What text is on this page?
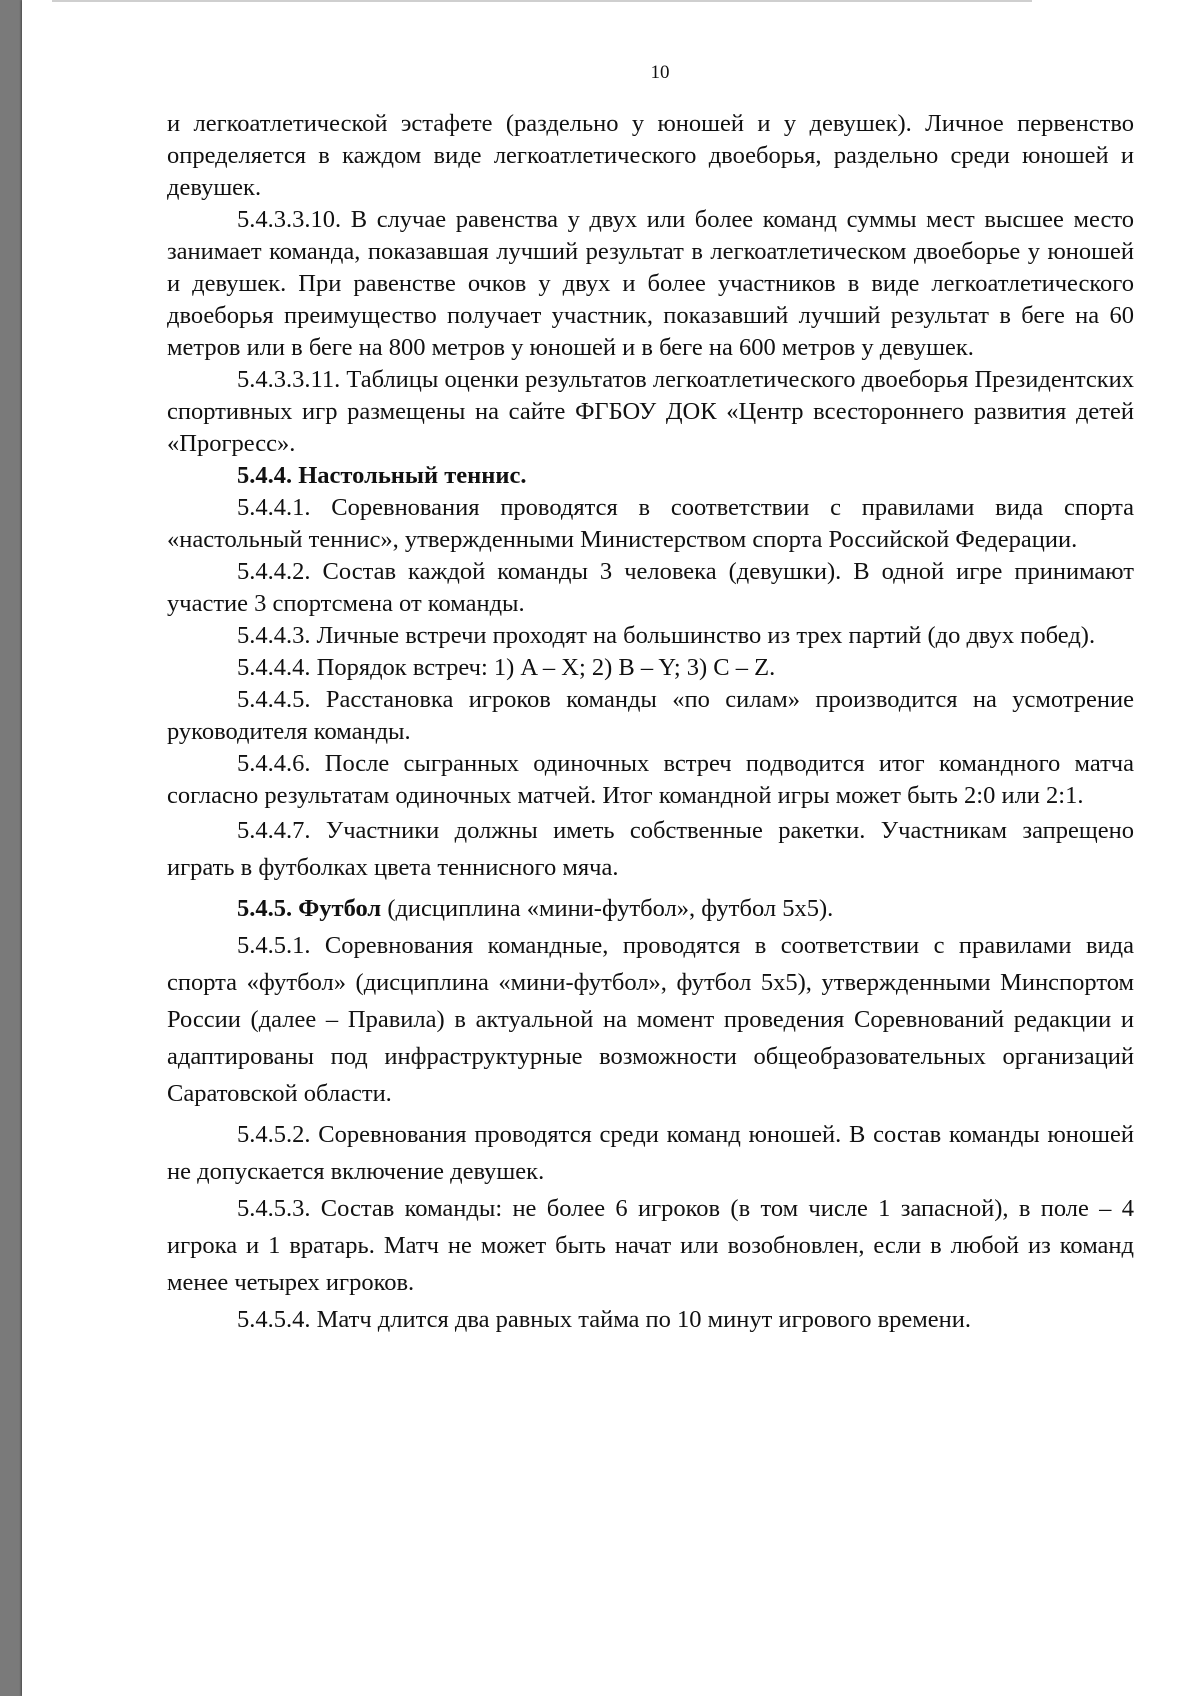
10

и легкоатлетической эстафете (раздельно у юношей и у девушек). Личное первенство определяется в каждом виде легкоатлетического двоеборья, раздельно среди юношей и девушек.

5.4.3.3.10. В случае равенства у двух или более команд суммы мест высшее место занимает команда, показавшая лучший результат в легкоатлетическом двоеборье у юношей и девушек. При равенстве очков у двух и более участников в виде легкоатлетического двоеборья преимущество получает участник, показавший лучший результат в беге на 60 метров или в беге на 800 метров у юношей и в беге на 600 метров у девушек.

5.4.3.3.11. Таблицы оценки результатов легкоатлетического двоеборья Президентских спортивных игр размещены на сайте ФГБОУ ДОК «Центр всестороннего развития детей «Прогресс».

5.4.4. Настольный теннис.

5.4.4.1. Соревнования проводятся в соответствии с правилами вида спорта «настольный теннис», утвержденными Министерством спорта Российской Федерации.

5.4.4.2. Состав каждой команды 3 человека (девушки). В одной игре принимают участие 3 спортсмена от команды.

5.4.4.3. Личные встречи проходят на большинство из трех партий (до двух побед).

5.4.4.4. Порядок встреч: 1) A – X; 2) B – Y; 3) C – Z.

5.4.4.5. Расстановка игроков команды «по силам» производится на усмотрение руководителя команды.

5.4.4.6. После сыгранных одиночных встреч подводится итог командного матча согласно результатам одиночных матчей. Итог командной игры может быть 2:0 или 2:1.

5.4.4.7. Участники должны иметь собственные ракетки. Участникам запрещено играть в футболках цвета теннисного мяча.

5.4.5. Футбол (дисциплина «мини-футбол», футбол 5х5).

5.4.5.1. Соревнования командные, проводятся в соответствии с правилами вида спорта «футбол» (дисциплина «мини-футбол», футбол 5х5), утвержденными Минспортом России (далее – Правила) в актуальной на момент проведения Соревнований редакции и адаптированы под инфраструктурные возможности общеобразовательных организаций Саратовской области.

5.4.5.2. Соревнования проводятся среди команд юношей. В состав команды юношей не допускается включение девушек.

5.4.5.3. Состав команды: не более 6 игроков (в том числе 1 запасной), в поле – 4 игрока и 1 вратарь. Матч не может быть начат или возобновлен, если в любой из команд менее четырех игроков.

5.4.5.4. Матч длится два равных тайма по 10 минут игрового времени.
